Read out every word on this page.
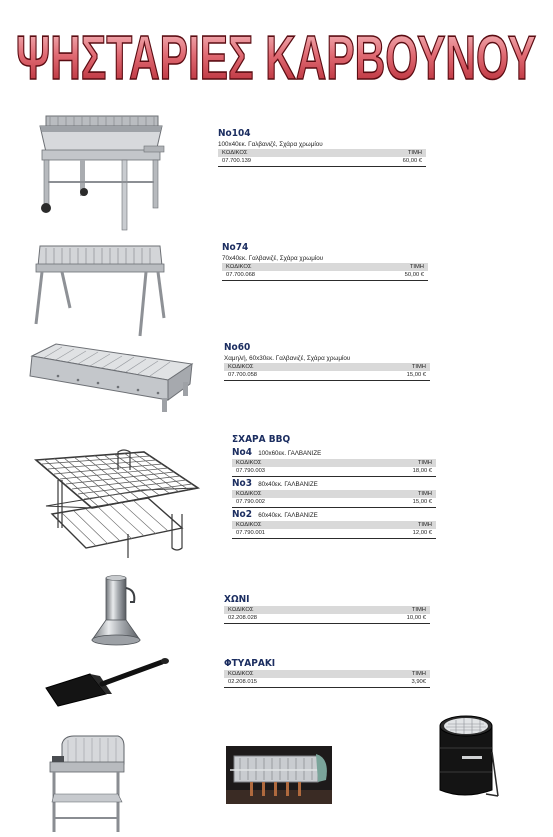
ΨΗΣΤΑΡΙΕΣ ΚΑΡΒΟΥΝΟΥ
No104
100x40εκ. Γαλβανιζέ, Σχάρα χρωμίου
ΚΩΔΙΚΟΣ	ΤΙΜΗ
07.700.139	60,00 €
No74
70x40εκ. Γαλβανιζέ, Σχάρα χρωμίου
ΚΩΔΙΚΟΣ	ΤΙΜΗ
07.700.068	50,00 €
No60
Χαμηλή, 60x30εκ. Γαλβανιζέ, Σχάρα χρωμίου
ΚΩΔΙΚΟΣ	ΤΙΜΗ
07.700.058	15,00 €
ΣΧΑΡΑ BBQ
No4 100x60εκ. ΓΑΛΒΑΝΙΖΕ
ΚΩΔΙΚΟΣ	ΤΙΜΗ
07.790.003	18,00 €
No3 80x40εκ. ΓΑΛΒΑΝΙΖΕ
ΚΩΔΙΚΟΣ	ΤΙΜΗ
07.790.002	15,00 €
No2 60x40εκ. ΓΑΛΒΑΝΙΖΕ
ΚΩΔΙΚΟΣ	ΤΙΜΗ
07.790.001	12,00 €
ΧΩΝΙ
ΚΩΔΙΚΟΣ	ΤΙΜΗ
02.208.028	10,00 €
ΦΤΥΑΡΑΚΙ
ΚΩΔΙΚΟΣ	ΤΙΜΗ
02.208.015	3,90€
